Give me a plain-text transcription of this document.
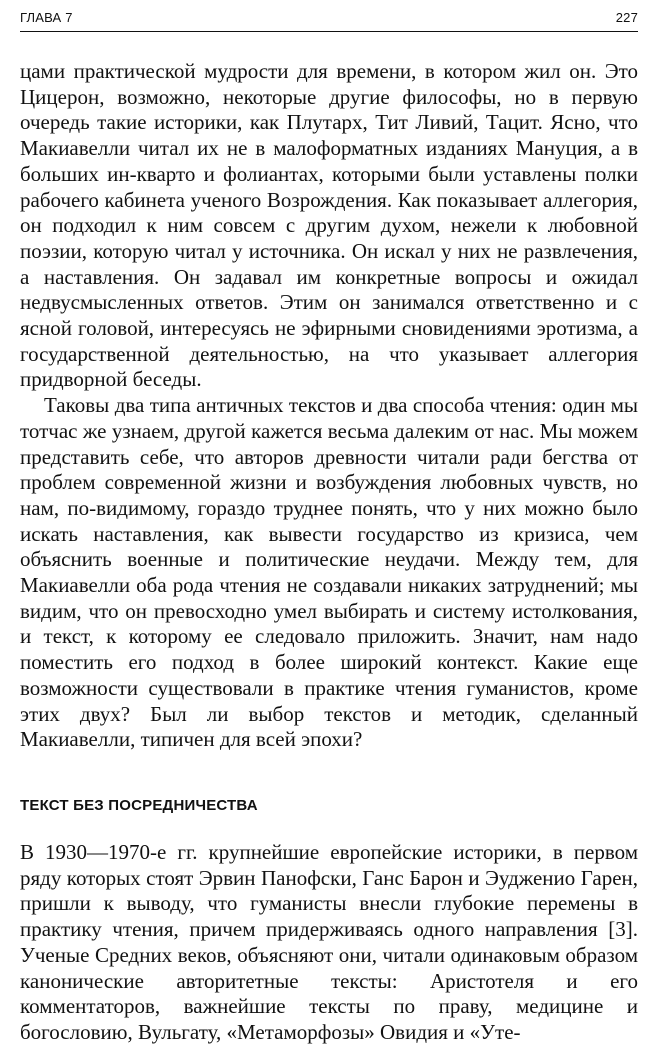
ГЛАВА 7	227

цами практической мудрости для времени, в котором жил он. Это Цицерон, возможно, некоторые другие философы, но в первую очередь такие историки, как Плутарх, Тит Ливий, Тацит. Ясно, что Макиавелли читал их не в малоформатных изданиях Мануция, а в больших ин-кварто и фолиантах, которыми были уставлены полки рабочего кабинета ученого Возрождения. Как показывает аллегория, он подходил к ним совсем с другим духом, нежели к любовной поэзии, которую читал у источника. Он искал у них не развлечения, а наставления. Он задавал им конкретные вопросы и ожидал недвусмысленных ответов. Этим он занимался ответственно и с ясной головой, интересуясь не эфирными сновидениями эротизма, а государственной деятельностью, на что указывает аллегория придворной беседы.

Таковы два типа античных текстов и два способа чтения: один мы тотчас же узнаем, другой кажется весьма далеким от нас. Мы можем представить себе, что авторов древности читали ради бегства от проблем современной жизни и возбуждения любовных чувств, но нам, по-видимому, гораздо труднее понять, что у них можно было искать наставления, как вывести государство из кризиса, чем объяснить военные и политические неудачи. Между тем, для Макиавелли оба рода чтения не создавали никаких затруднений; мы видим, что он превосходно умел выбирать и систему истолкования, и текст, к которому ее следовало приложить. Значит, нам надо поместить его подход в более широкий контекст. Какие еще возможности существовали в практике чтения гуманистов, кроме этих двух? Был ли выбор текстов и методик, сделанный Макиавелли, типичен для всей эпохи?

ТЕКСТ БЕЗ ПОСРЕДНИЧЕСТВА

В 1930—1970-е гг. крупнейшие европейские историки, в первом ряду которых стоят Эрвин Панофски, Ганс Барон и Эудженио Гарен, пришли к выводу, что гуманисты внесли глубокие перемены в практику чтения, причем придерживаясь одного направления [3]. Ученые Средних веков, объясняют они, читали одинаковым образом канонические авторитетные тексты: Аристотеля и его комментаторов, важнейшие тексты по праву, медицине и богословию, Вульгату, «Метаморфозы» Овидия и «Уте-
